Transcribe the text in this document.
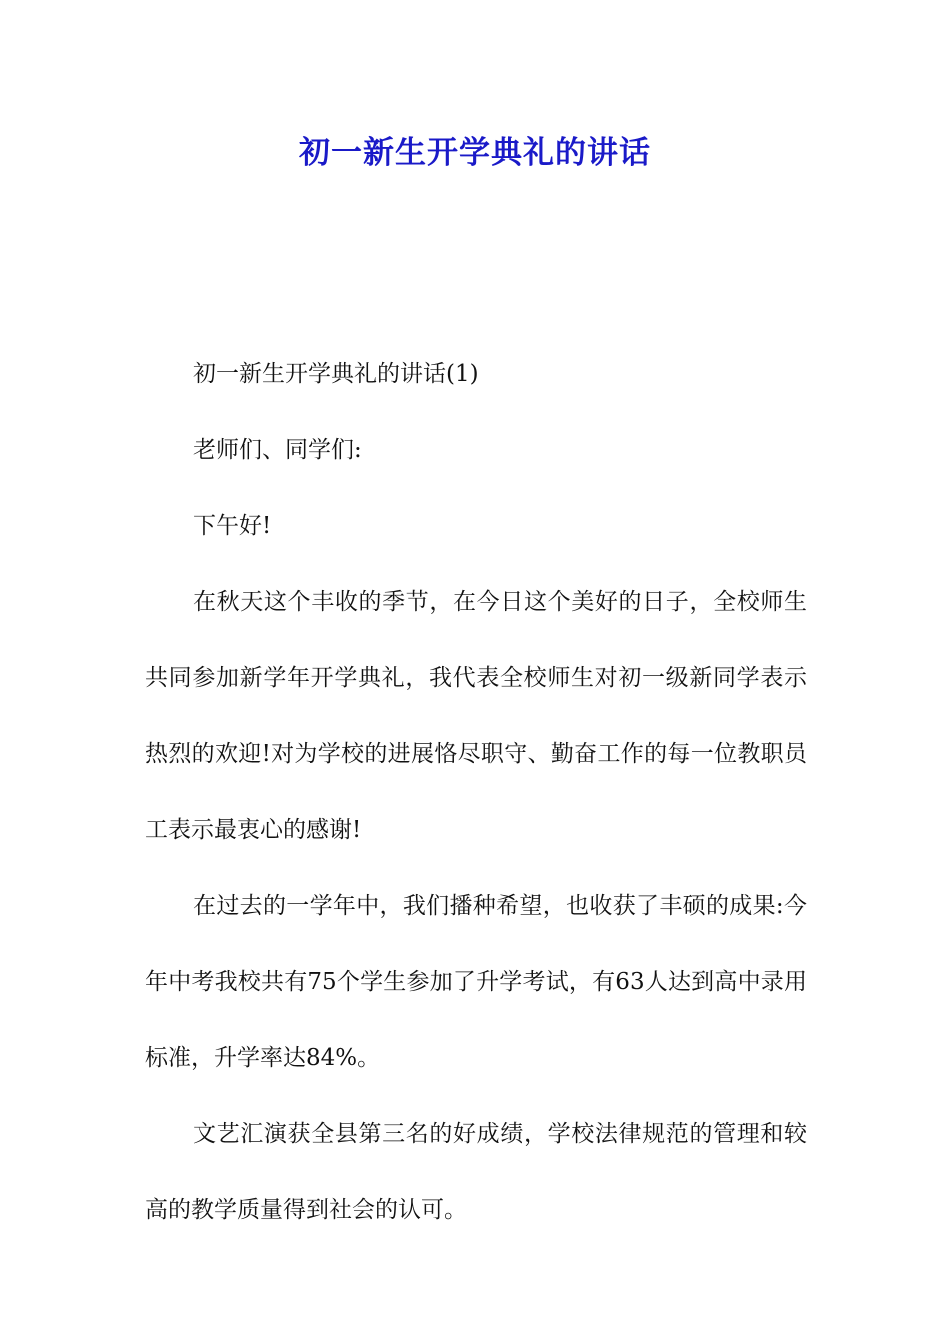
初一新生开学典礼的讲话

初一新生开学典礼的讲话(1)

老师们、同学们:

下午好!

在秋天这个丰收的季节，在今日这个美好的日子，全校师生共同参加新学年开学典礼，我代表全校师生对初一级新同学表示热烈的欢迎!对为学校的进展恪尽职守、勤奋工作的每一位教职员工表示最衷心的感谢!

在过去的一学年中，我们播种希望，也收获了丰硕的成果:今年中考我校共有75个学生参加了升学考试，有63人达到高中录用标准，升学率达84%。

文艺汇演获全县第三名的好成绩，学校法律规范的管理和较高的教学质量得到社会的认可。
